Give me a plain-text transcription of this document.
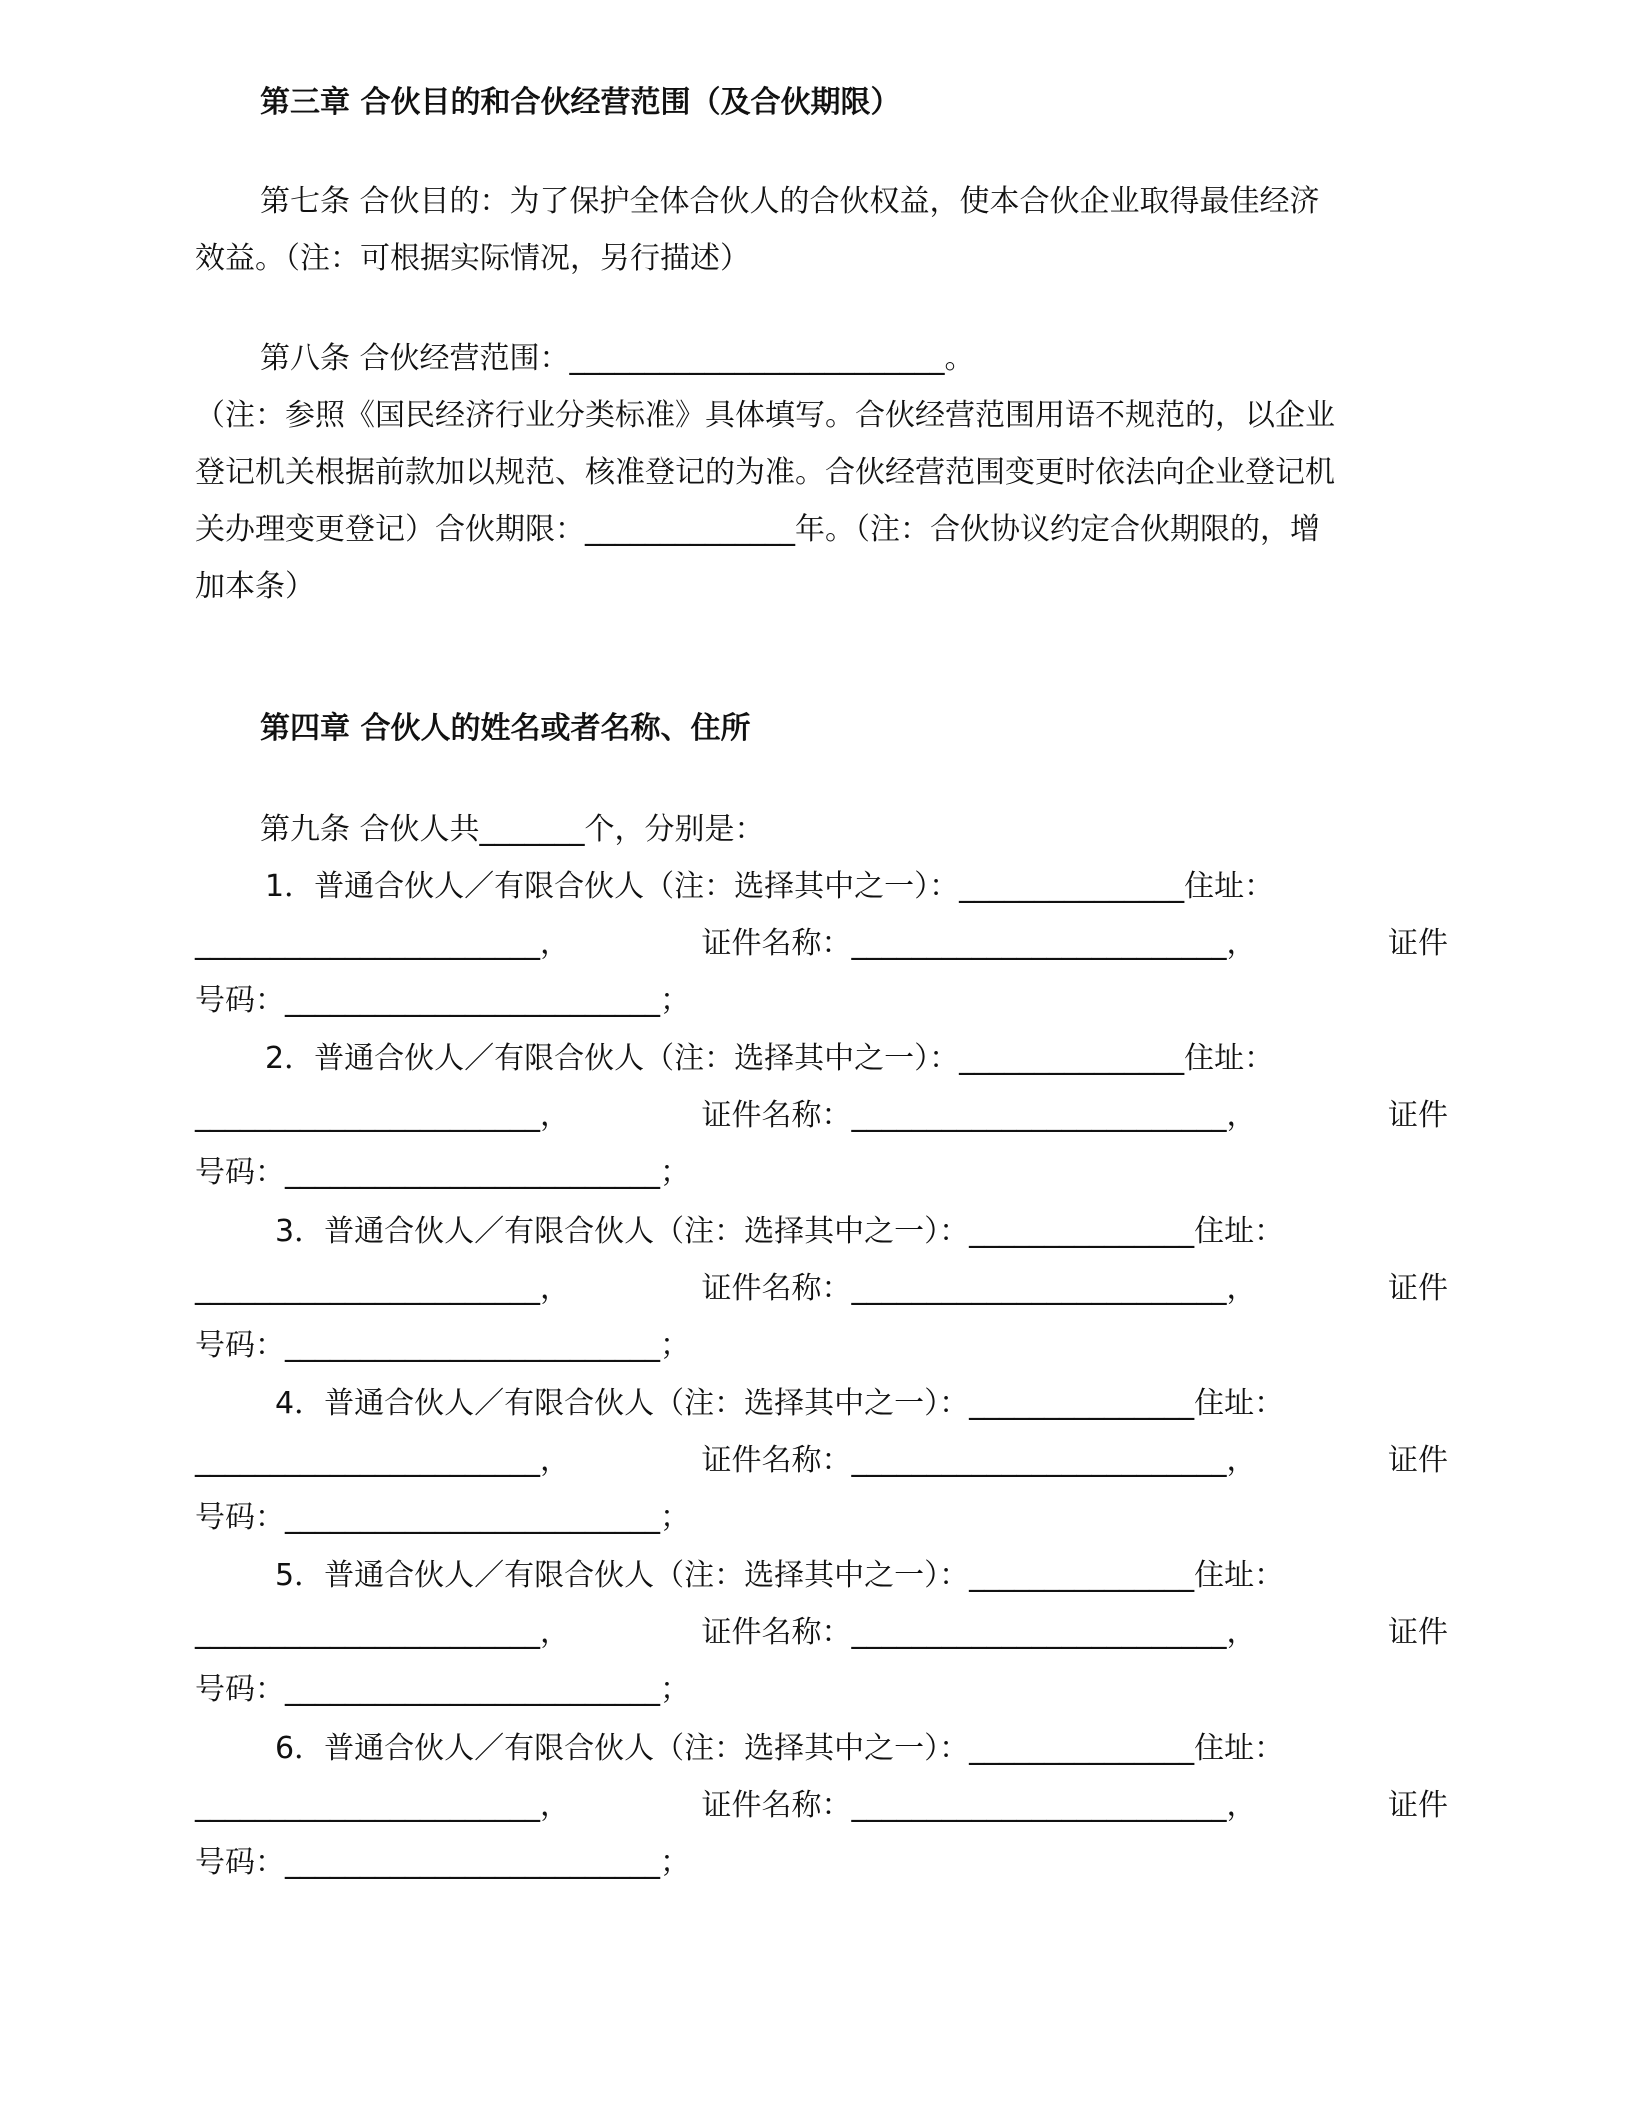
第三章 合伙目的和合伙经营范围（及合伙期限）
第七条 合伙目的：为了保护全体合伙人的合伙权益，使本合伙企业取得最佳经济
效益。（注：可根据实际情况，另行描述）
第八条 合伙经营范围：_________________________。
（注：参照《国民经济行业分类标准》具体填写。合伙经营范围用语不规范的，以企业
登记机关根据前款加以规范、核准登记的为准。合伙经营范围变更时依法向企业登记机
关办理变更登记）合伙期限：______________年。（注：合伙协议约定合伙期限的，增
加本条）
第四章 合伙人的姓名或者名称、住所
第九条 合伙人共_______个，分别是：
1．普通合伙人／有限合伙人（注：选择其中之一）：_______________住址：
_______________________，	证件名称：_________________________，	证件
号码：_________________________；
2．普通合伙人／有限合伙人（注：选择其中之一）：_______________住址：
_______________________，	证件名称：_________________________，	证件
号码：_________________________；
3．普通合伙人／有限合伙人（注：选择其中之一）：_______________住址：
_______________________，	证件名称：_________________________，	证件
号码：_________________________；
4．普通合伙人／有限合伙人（注：选择其中之一）：_______________住址：
_______________________，	证件名称：_________________________，	证件
号码：_________________________；
5．普通合伙人／有限合伙人（注：选择其中之一）：_______________住址：
_______________________，	证件名称：_________________________，	证件
号码：_________________________；
6．普通合伙人／有限合伙人（注：选择其中之一）：_______________住址：
_______________________，	证件名称：_________________________，	证件
号码：_________________________；
